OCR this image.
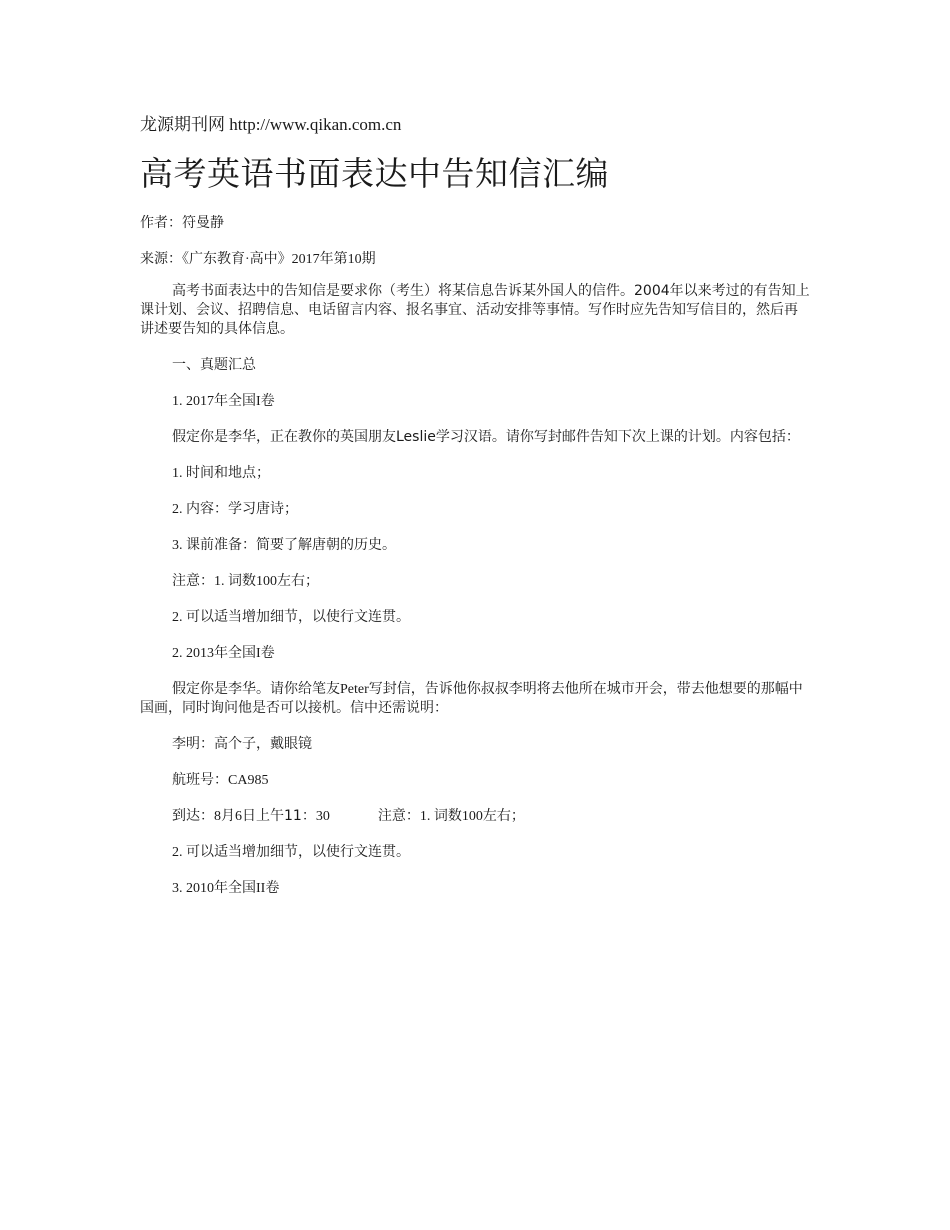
龙源期刊网 http://www.qikan.com.cn
高考英语书面表达中告知信汇编
作者：符曼静
来源：《广东教育·高中》2017年第10期

高考书面表达中的告知信是要求你（考生）将某信息告诉某外国人的信件。2004年以来考过的有告知上课计划、会议、招聘信息、电话留言内容、报名事宜、活动安排等事情。写作时应先告知写信目的，然后再讲述要告知的具体信息。

一、真题汇总

1. 2017年全国I卷

假定你是李华，正在教你的英国朋友Leslie学习汉语。请你写封邮件告知下次上课的计划。内容包括：

1. 时间和地点；

2. 内容：学习唐诗；

3. 课前准备：简要了解唐朝的历史。

注意：1. 词数100左右；

2. 可以适当增加细节，以使行文连贯。

2. 2013年全国I卷

假定你是李华。请你给笔友Peter写封信，告诉他你叔叔李明将去他所在城市开会，带去他想要的那幅中国画，同时询问他是否可以接机。信中还需说明：

李明：高个子，戴眼镜

航班号：CA985

到达：8月6日上午11：30	注意：1. 词数100左右；

2. 可以适当增加细节，以使行文连贯。

3. 2010年全国II卷
